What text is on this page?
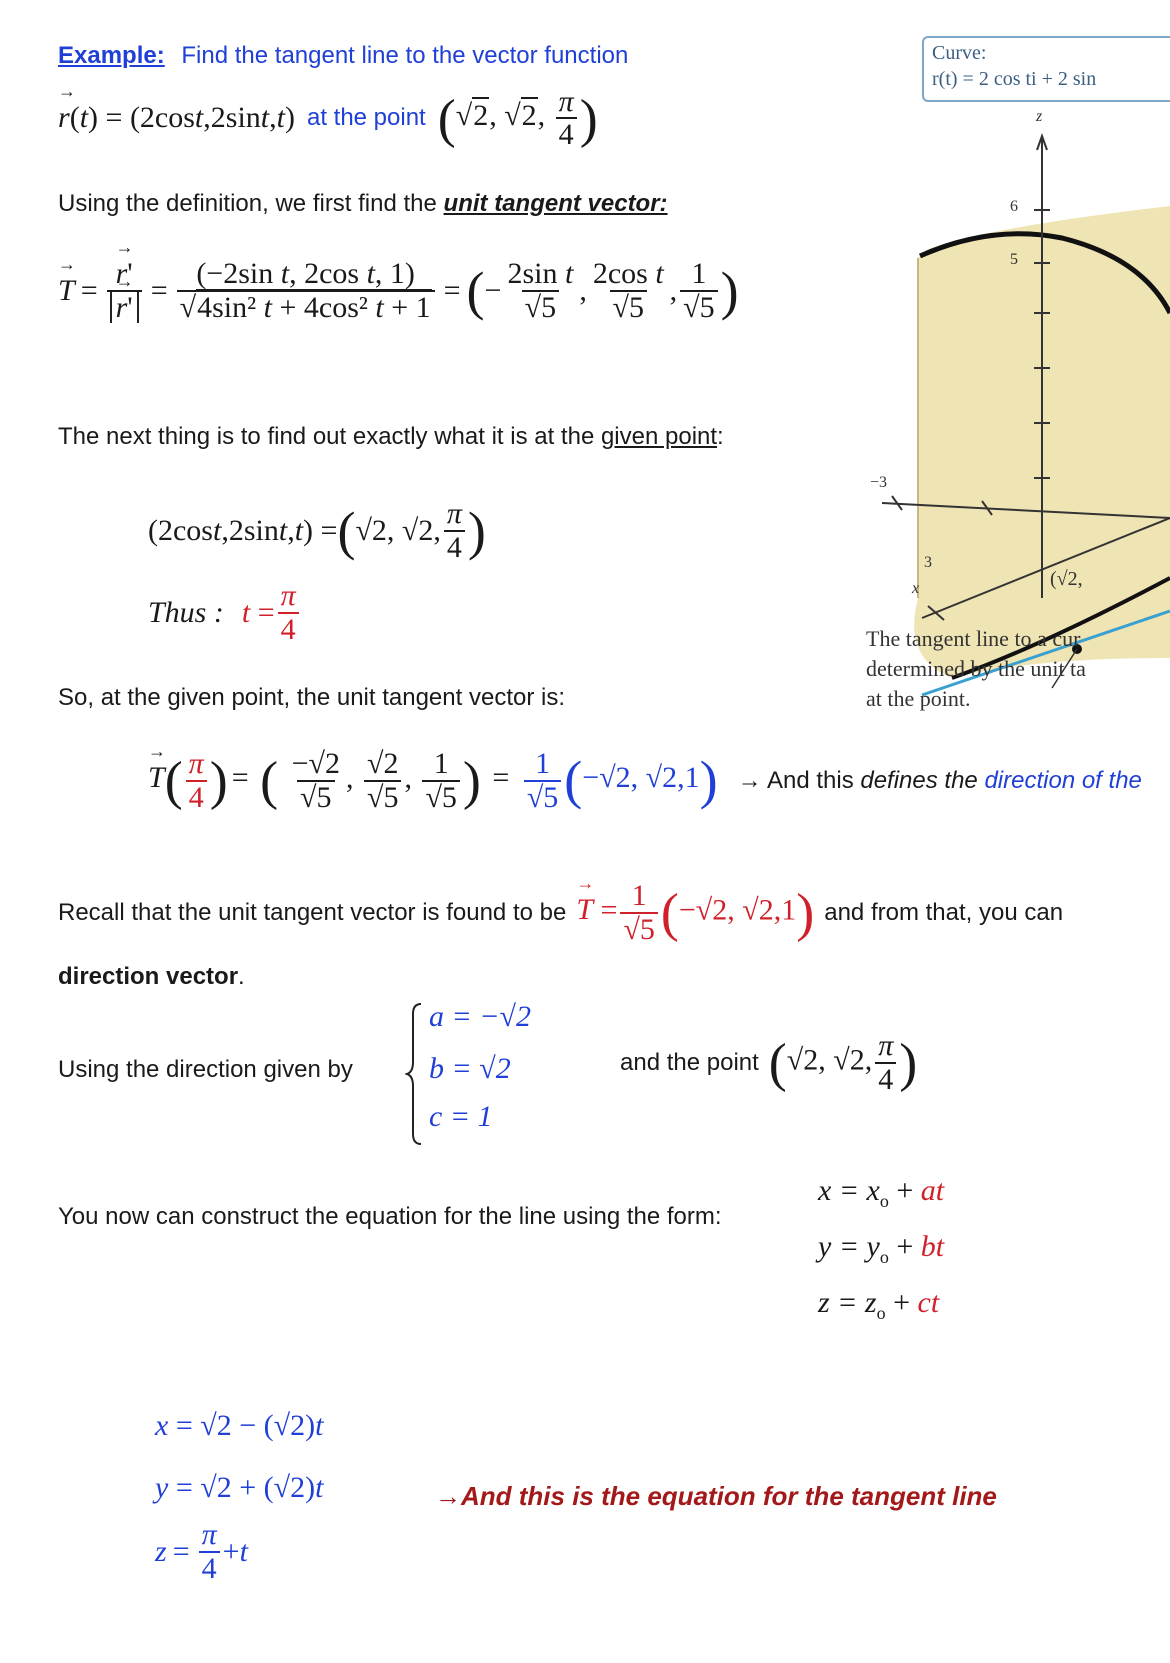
Example: Find the tangent line to the vector function
→ r(t) = (2cost,2sint,t) at the point (√2, √2, $\frac{\pi}{4}$ )
Using the definition, we first find the unit tangent vector:
→ T = → r'
→ $r' = \frac{\text{(−2sin t, 2cos t, 1)}}{\text{√4sin² t + 4cos² t + 1}}$ = ( − $\frac{\text{2sin t}}{√5}$ , $\frac{\text{2cos t}}{√5}$ , $\frac{1}{√5}$ )
The next thing is to find out exactly what it is at the given point:
(2cos t ,2sin t , t ) = ( √2, √2, $\frac{\pi}{4}$ )
Thus : $t = \frac{\pi}{4}$
So, at the given point, the unit tangent vector is:
→ $T( \frac{\pi}{4}$ ) = ( $\frac{-√2}{√5}$ , $\frac{√2}{√5}$ , $\frac{1}{√5}$ ) = $\frac{1}{√5} (-√2$, √2,1) → And this defines the direction of the
Recall that the unit tangent vector is found to be → $T = \frac{1}{√5} (-√2$, √2,1) and from that, you can
direction vector.
Using the direction given by
a = −√2
b = √2
c = 1
and the point (√2, √2, $\frac{\pi}{4}$ )
You now can construct the equation for the line using the form:
$x = x_o$ + at
$y = y_o$ + bt
$z = z_o$ + ct
x = √2 − (√2)t
y = √2 + (√2)t
$z = \frac{\pi}{4} + t$
→And this is the equation for the tangent line
Curve:
r(t) = 2 cos ti + 2 sin
z
6
5
−3
3
x	(√2,
The tangent line to a cur
determined by the unit ta
at the point.
